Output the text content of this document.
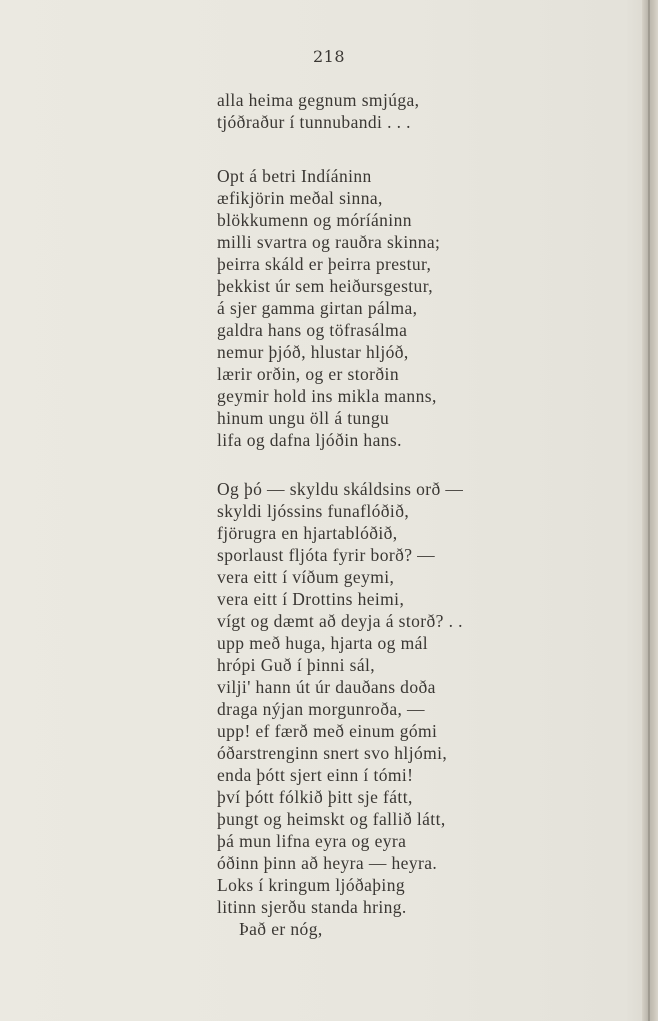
218
alla heima gegnum smjúga,
tjóðraður í tunnubandi . . .
Opt á betri Indíáninn
æfikjörin meðal sinna,
blökkumenn og móríáninn
milli svartra og rauðra skinna;
þeirra skáld er þeirra prestur,
þekkist úr sem heiðursgestur,
á sjer gamma girtan pálma,
galdra hans og töfrasálma
nemur þjóð, hlustar hljóð,
lærir orðin, og er storðin
geymir hold ins mikla manns,
hinum ungu öll á tungu
lifa og dafna ljóðin hans.
Og þó — skyldu skáldsins orð —
skyldi ljóssins funaflóðið,
fjörugra en hjartablóðið,
sporlaust fljóta fyrir borð? —
vera eitt í víðum geymi,
vera eitt í Drottins heimi,
vígt og dæmt að deyja á storð? . .
upp með huga, hjarta og mál
hrópi Guð í þinni sál,
vilji' hann út úr dauðans doða
draga nýjan morgunroða, —
upp! ef færð með einum gómi
óðarstrenginn snert svo hljómi,
enda þótt sjert einn í tómi!
því þótt fólkið þitt sje fátt,
þungt og heimskt og fallið látt,
þá mun lifna eyra og eyra
óðinn þinn að heyra — heyra.
Loks í kringum ljóðaþing
litinn sjerðu standa hring.
Það er nóg,
